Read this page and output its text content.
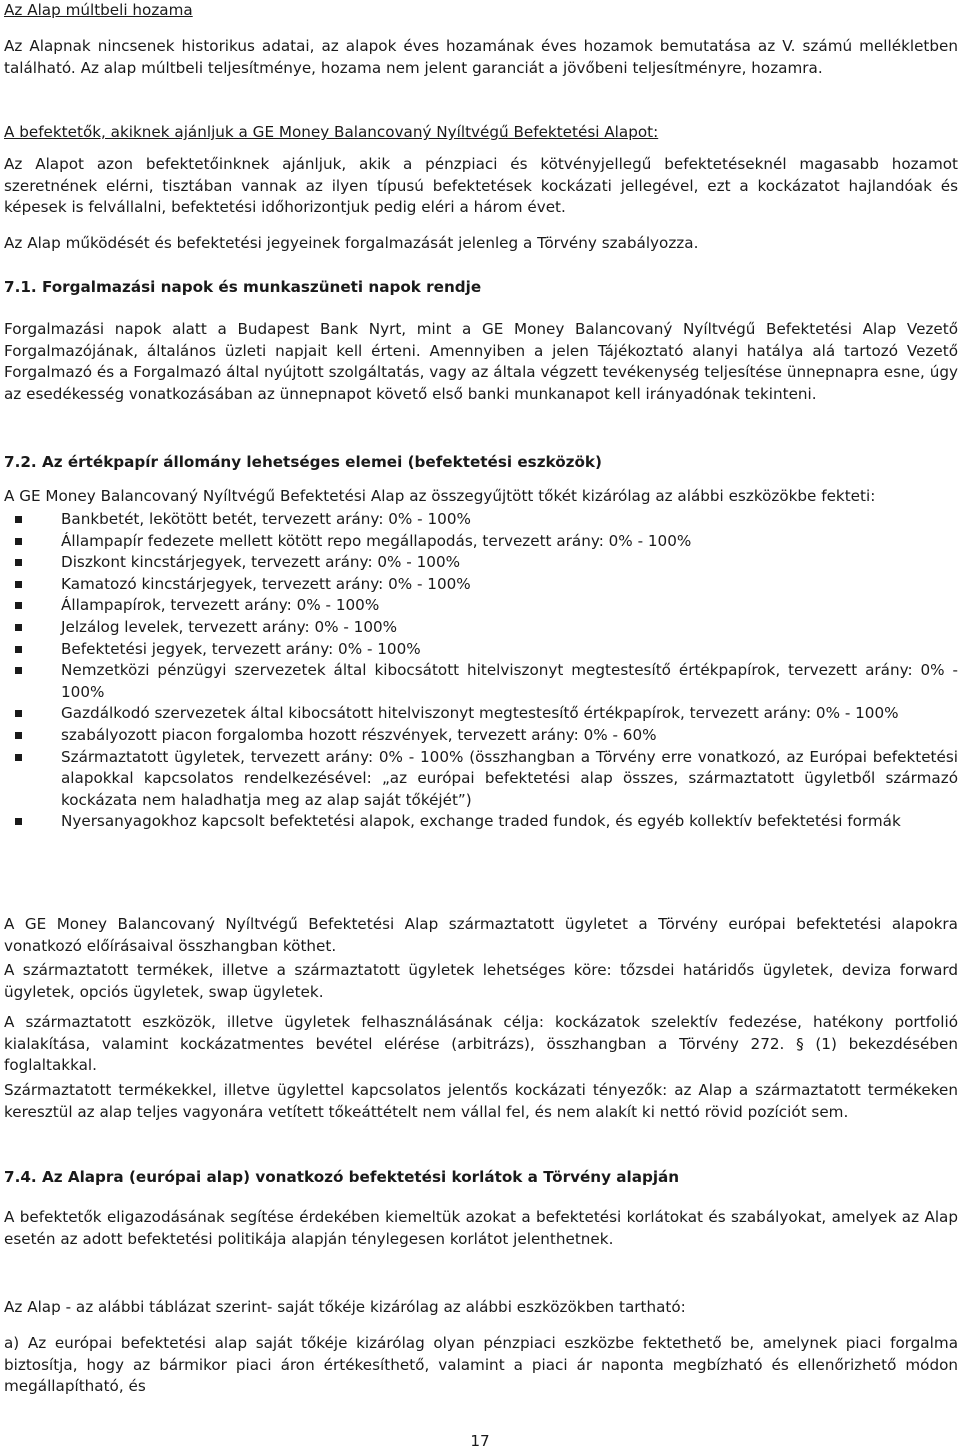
Az Alap múltbeli hozama

Az Alapnak nincsenek historikus adatai, az alapok éves hozamának éves hozamok bemutatása az V. számú mellékletben található. Az alap múltbeli teljesítménye, hozama nem jelent garanciát a jövőbeni teljesítményre, hozamra.

A befektetők, akiknek ajánljuk a GE Money Balancovaný Nyíltvégű Befektetési Alapot:

Az Alapot azon befektetőinknek ajánljuk, akik a pénzpiaci és kötvényjellegű befektetéseknél magasabb hozamot szeretnének elérni, tisztában vannak az ilyen típusú befektetések kockázati jellegével, ezt a kockázatot hajlandóak és képesek is felvállalni, befektetési időhorizontjuk pedig eléri a három évet.

Az Alap működését és befektetési jegyeinek forgalmazását jelenleg a Törvény szabályozza.

7.1. Forgalmazási napok és munkaszüneti napok rendje

Forgalmazási napok alatt a Budapest Bank Nyrt, mint a GE Money Balancovaný Nyíltvégű Befektetési Alap Vezető Forgalmazójának, általános üzleti napjait kell érteni. Amennyiben a jelen Tájékoztató alanyi hatálya alá tartozó Vezető Forgalmazó és a Forgalmazó által nyújtott szolgáltatás, vagy az általa végzett tevékenység teljesítése ünnepnapra esne, úgy az esedékesség vonatkozásában az ünnepnapot követő első banki munkanapot kell irányadónak tekinteni.

7.2. Az értékpapír állomány lehetséges elemei (befektetési eszközök)

A GE Money Balancovaný Nyíltvégű Befektetési Alap az összegyűjtött tőkét kizárólag az alábbi eszközökbe fekteti:

Bankbetét, lekötött betét, tervezett arány: 0% - 100%
Állampapír fedezete mellett kötött repo megállapodás, tervezett arány: 0% - 100%
Diszkont kincstárjegyek, tervezett arány: 0% - 100%
Kamatozó kincstárjegyek, tervezett arány: 0% - 100%
Állampapírok, tervezett arány: 0% - 100%
Jelzálog levelek, tervezett arány: 0% - 100%
Befektetési jegyek, tervezett arány: 0% - 100%
Nemzetközi pénzügyi szervezetek által kibocsátott hitelviszonyt megtestesítő értékpapírok, tervezett arány: 0% - 100%
Gazdálkodó szervezetek által kibocsátott hitelviszonyt megtestesítő értékpapírok, tervezett arány: 0% - 100%
szabályozott piacon forgalomba hozott részvények, tervezett arány: 0% - 60%
Származtatott ügyletek, tervezett arány: 0% - 100% (összhangban a Törvény erre vonatkozó, az Európai befektetési alapokkal kapcsolatos rendelkezésével: „az európai befektetési alap összes, származtatott ügyletből származó kockázata nem haladhatja meg az alap saját tőkéjét”)
Nyersanyagokhoz kapcsolt befektetési alapok, exchange traded fundok, és egyéb kollektív befektetési formák

A GE Money Balancovaný Nyíltvégű Befektetési Alap származtatott ügyletet a Törvény európai befektetési alapokra vonatkozó előírásaival összhangban köthet.

A származtatott termékek, illetve a származtatott ügyletek lehetséges köre: tőzsdei határidős ügyletek, deviza forward ügyletek, opciós ügyletek, swap ügyletek.

A származtatott eszközök, illetve ügyletek felhasználásának célja: kockázatok szelektív fedezése, hatékony portfolió kialakítása, valamint kockázatmentes bevétel elérése (arbitrázs), összhangban a Törvény 272. § (1) bekezdésében foglaltakkal.

Származtatott termékekkel, illetve ügylettel kapcsolatos jelentős kockázati tényezők: az Alap a származtatott termékeken keresztül az alap teljes vagyonára vetített tőkeáttételt nem vállal fel, és nem alakít ki nettó rövid pozíciót sem.

7.4. Az Alapra (európai alap) vonatkozó befektetési korlátok a Törvény alapján

A befektetők eligazodásának segítése érdekében kiemeltük azokat a befektetési korlátokat és szabályokat, amelyek az Alap esetén az adott befektetési politikája alapján ténylegesen korlátot jelenthetnek.

Az Alap - az alábbi táblázat szerint- saját tőkéje kizárólag az alábbi eszközökben tartható:

a) Az európai befektetési alap saját tőkéje kizárólag olyan pénzpiaci eszközbe fektethető be, amelynek piaci forgalma biztosítja, hogy az bármikor piaci áron értékesíthető, valamint a piaci ár naponta megbízható és ellenőrizhető módon megállapítható, és

17
